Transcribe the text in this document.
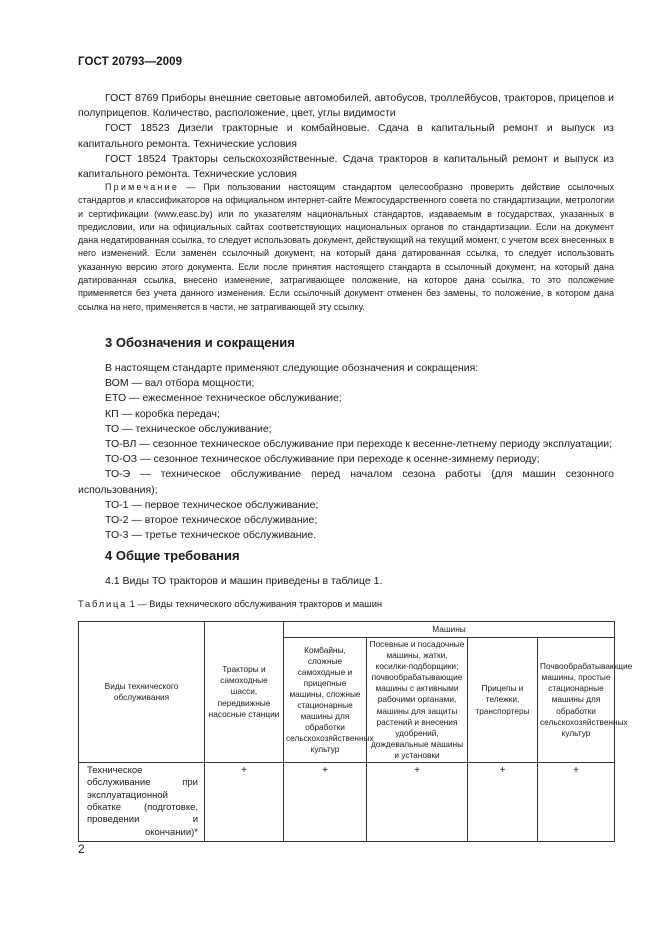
ГОСТ 20793—2009

ГОСТ 8769 Приборы внешние световые автомобилей, автобусов, троллейбусов, тракторов, прицепов и полуприцепов. Количество, расположение, цвет, углы видимости

ГОСТ 18523 Дизели тракторные и комбайновые. Сдача в капитальный ремонт и выпуск из капитального ремонта. Технические условия

ГОСТ 18524 Тракторы сельскохозяйственные. Сдача тракторов в капитальный ремонт и выпуск из капитального ремонта. Технические условия

Примечание — При пользовании настоящим стандартом целесообразно проверить действие ссылочных стандартов и классификаторов на официальном интернет-сайте Межгосударственного совета по стандартизации, метрологии и сертификации (www.easc.by) или по указателям национальных стандартов, издаваемым в государствах, указанных в предисловии, или на официальных сайтах соответствующих национальных органов по стандартизации. Если на документ дана недатированная ссылка, то следует использовать документ, действующий на текущий момент, с учетом всех внесенных в него изменений. Если заменен ссылочный документ, на который дана датированная ссылка, то следует использовать указанную версию этого документа. Если после принятия настоящего стандарта в ссылочный документ, на который дана датированная ссылка, внесено изменение, затрагивающее положение, на которое дана ссылка, то это положение применяется без учета данного изменения. Если ссылочный документ отменен без замены, то положение, в котором дана ссылка на него, применяется в части, не затрагивающей эту ссылку.

3 Обозначения и сокращения

В настоящем стандарте применяют следующие обозначения и сокращения:

ВОМ — вал отбора мощности;

ЕТО — ежесменное техническое обслуживание;

КП — коробка передач;

ТО — техническое обслуживание;

ТО-ВЛ — сезонное техническое обслуживание при переходе к весенне-летнему периоду эксплуатации;

ТО-ОЗ — сезонное техническое обслуживание при переходе к осенне-зимнему периоду;

ТО-Э — техническое обслуживание перед началом сезона работы (для машин сезонного использования);

ТО-1 — первое техническое обслуживание;

ТО-2 — второе техническое обслуживание;

ТО-3 — третье техническое обслуживание.

4 Общие требования

4.1 Виды ТО тракторов и машин приведены в таблице 1.

Таблица 1 — Виды технического обслуживания тракторов и машин
Виды технического обслуживания	Тракторы и самоходные шасси, передвижные насосные станции	Машины			
		Комбайны, сложные самоходные и прицепные машины, сложные стационарные машины для обработки сельскохозяйственных культур	Посевные и посадочные машины, жатки, косилки-подборщики; почвообрабатывающие машины с активными рабочими органами, машины для защиты растений и внесения удобрений, дождевальные машины и установки	Прицепы и тележки, транспортеры	Почвообрабатывающие машины, простые стационарные машины для обработки сельскохозяйственных культур
Техническое обслуживание при эксплуатационной обкатке (подготовке, проведении и окончании)*	+	+	+	+	+
2
